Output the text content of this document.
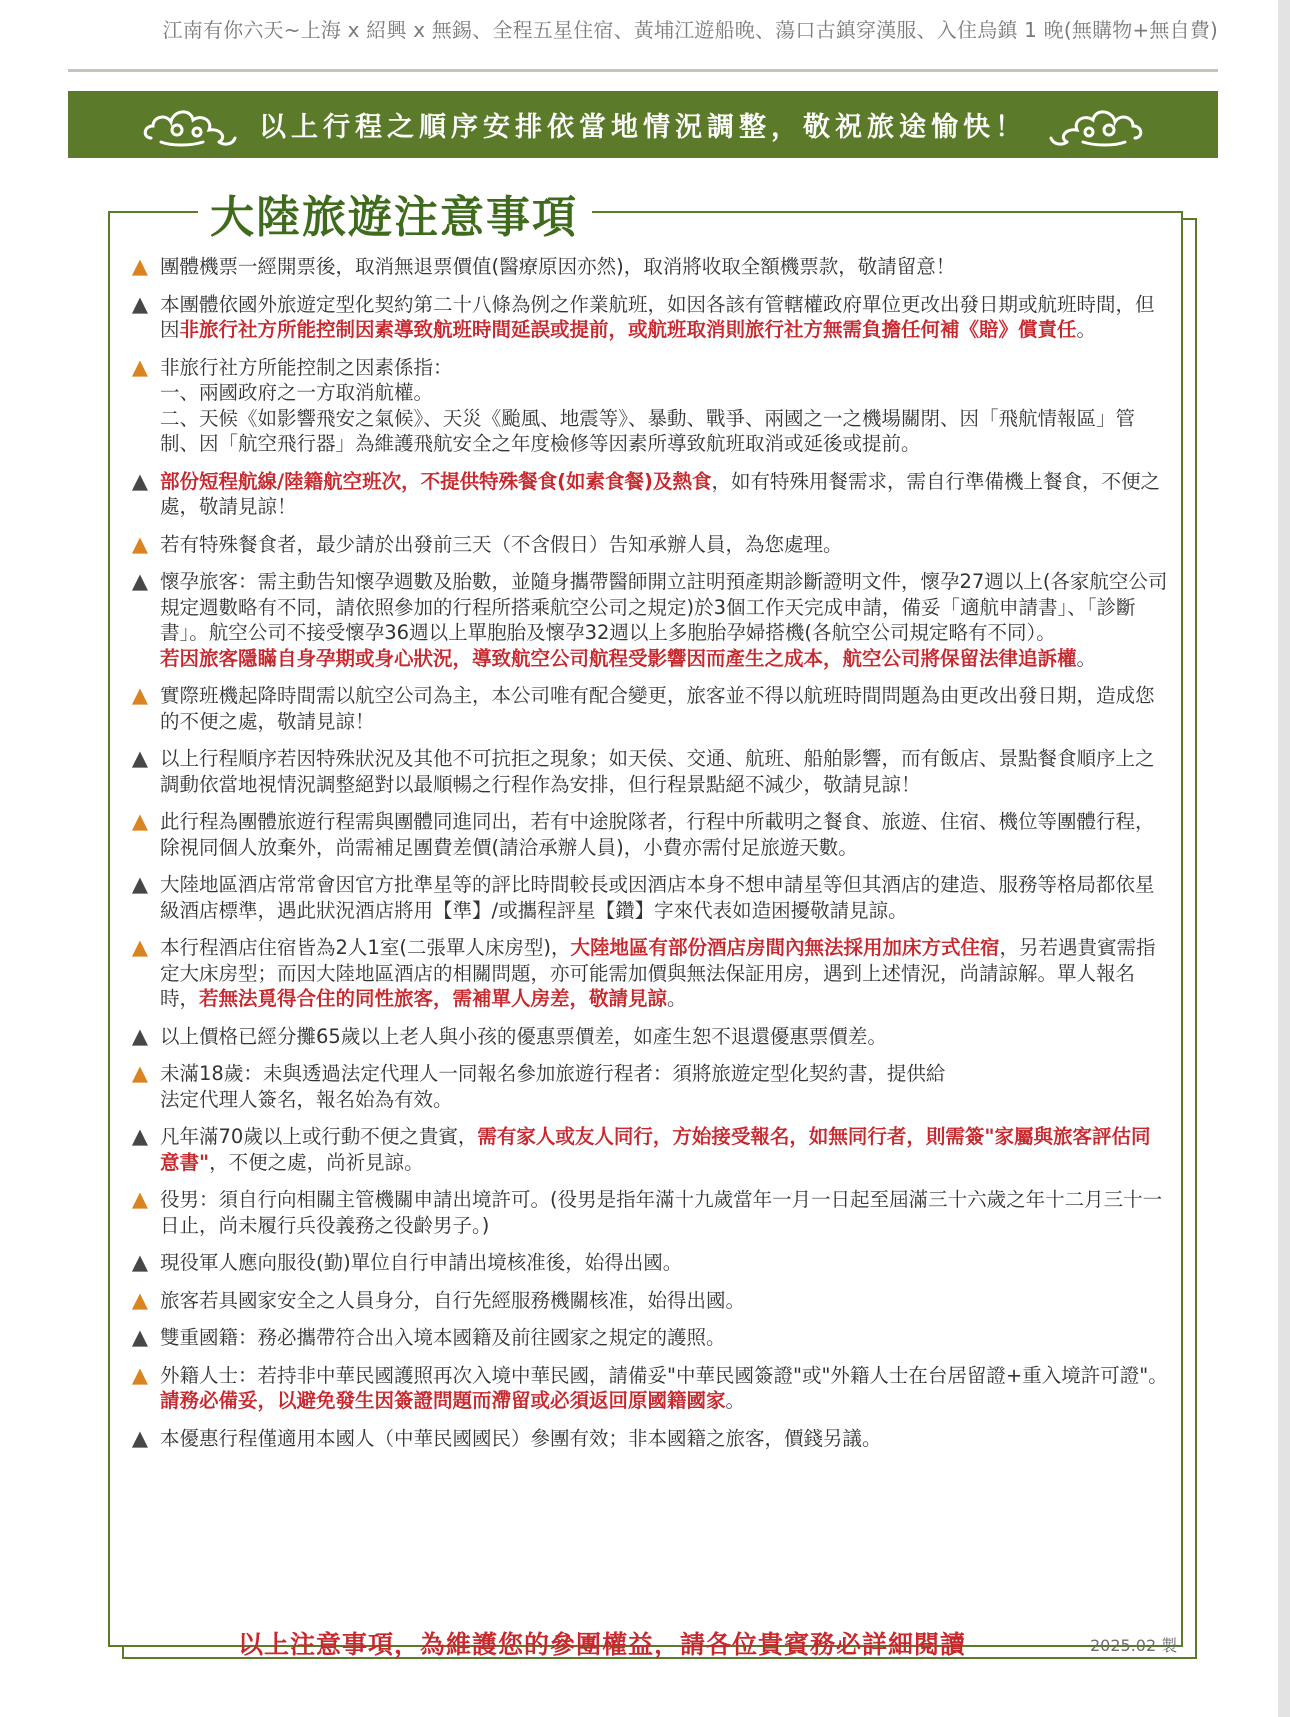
江南有你六天~上海 x 紹興 x 無錫、全程五星住宿、黃埔江遊船晚、蕩口古鎮穿漢服、入住烏鎮 1 晚(無購物+無自費)
以上行程之順序安排依當地情況調整，敬祝旅途愉快！
大陸旅遊注意事項
▲ 團體機票一經開票後，取消無退票價值(醫療原因亦然)，取消將收取全額機票款，敬請留意！
▲ 本團體依國外旅遊定型化契約第二十八條為例之作業航班，如因各該有管轄權政府單位更改出發日期或航班時間，但因非旅行社方所能控制因素導致航班時間延誤或提前，或航班取消則旅行社方無需負擔任何補《賠》償責任。
▲ 非旅行社方所能控制之因素係指：
一、兩國政府之一方取消航權。
二、天候《如影響飛安之氣候》、天災《颱風、地震等》、暴動、戰爭、兩國之一之機場關閉、因「飛航情報區」管制、因「航空飛行器」為維護飛航安全之年度檢修等因素所導致航班取消或延後或提前。
▲ 部份短程航線/陸籍航空班次，不提供特殊餐食(如素食餐)及熱食，如有特殊用餐需求，需自行準備機上餐食，不便之處，敬請見諒！
▲ 若有特殊餐食者，最少請於出發前三天（不含假日）告知承辦人員，為您處理。
▲ 懷孕旅客：需主動告知懷孕週數及胎數，並隨身攜帶醫師開立註明預產期診斷證明文件，懷孕27週以上(各家航空公司規定週數略有不同，請依照參加的行程所搭乘航空公司之規定)於3個工作天完成申請，備妥「適航申請書」、「診斷書」。航空公司不接受懷孕36週以上單胞胎及懷孕32週以上多胞胎孕婦搭機(各航空公司規定略有不同）。
若因旅客隱瞞自身孕期或身心狀況，導致航空公司航程受影響因而產生之成本，航空公司將保留法律追訴權。
▲ 實際班機起降時間需以航空公司為主，本公司唯有配合變更，旅客並不得以航班時間問題為由更改出發日期，造成您的不便之處，敬請見諒！
▲ 以上行程順序若因特殊狀況及其他不可抗拒之現象；如天侯、交通、航班、船舶影響，而有飯店、景點餐食順序上之調動依當地視情況調整絕對以最順暢之行程作為安排，但行程景點絕不減少，敬請見諒！
▲ 此行程為團體旅遊行程需與團體同進同出，若有中途脫隊者，行程中所載明之餐食、旅遊、住宿、機位等團體行程，除視同個人放棄外，尚需補足團費差價(請洽承辦人員)，小費亦需付足旅遊天數。
▲ 大陸地區酒店常常會因官方批準星等的評比時間較長或因酒店本身不想申請星等但其酒店的建造、服務等格局都依星級酒店標準，遇此狀況酒店將用【準】/或攜程評星【鑽】字來代表如造困擾敬請見諒。
▲ 本行程酒店住宿皆為2人1室(二張單人床房型)，大陸地區有部份酒店房間內無法採用加床方式住宿，另若遇貴賓需指定大床房型；而因大陸地區酒店的相關問題，亦可能需加價與無法保証用房，遇到上述情況，尚請諒解。單人報名時，若無法覓得合住的同性旅客，需補單人房差，敬請見諒。
▲ 以上價格已經分攤65歲以上老人與小孩的優惠票價差，如產生恕不退還優惠票價差。
▲ 未滿18歲：未與透過法定代理人一同報名參加旅遊行程者：須將旅遊定型化契約書，提供給
法定代理人簽名，報名始為有效。
▲ 凡年滿70歲以上或行動不便之貴賓，需有家人或友人同行，方始接受報名，如無同行者，則需簽"家屬與旅客評估同意書"，不便之處，尚祈見諒。
▲ 役男：須自行向相關主管機關申請出境許可。(役男是指年滿十九歲當年一月一日起至屆滿三十六歲之年十二月三十一日止，尚未履行兵役義務之役齡男子。)
▲ 現役軍人應向服役(勤)單位自行申請出境核准後，始得出國。
▲ 旅客若具國家安全之人員身分，自行先經服務機關核准，始得出國。
▲ 雙重國籍：務必攜帶符合出入境本國籍及前往國家之規定的護照。
▲ 外籍人士：若持非中華民國護照再次入境中華民國，請備妥"中華民國簽證"或"外籍人士在台居留證+重入境許可證"。請務必備妥，以避免發生因簽證問題而滯留或必須返回原國籍國家。
▲ 本優惠行程僅適用本國人（中華民國國民）參團有效；非本國籍之旅客，價錢另議。

以上注意事項，為維護您的參團權益，請各位貴賓務必詳細閱讀	2025.02 製
